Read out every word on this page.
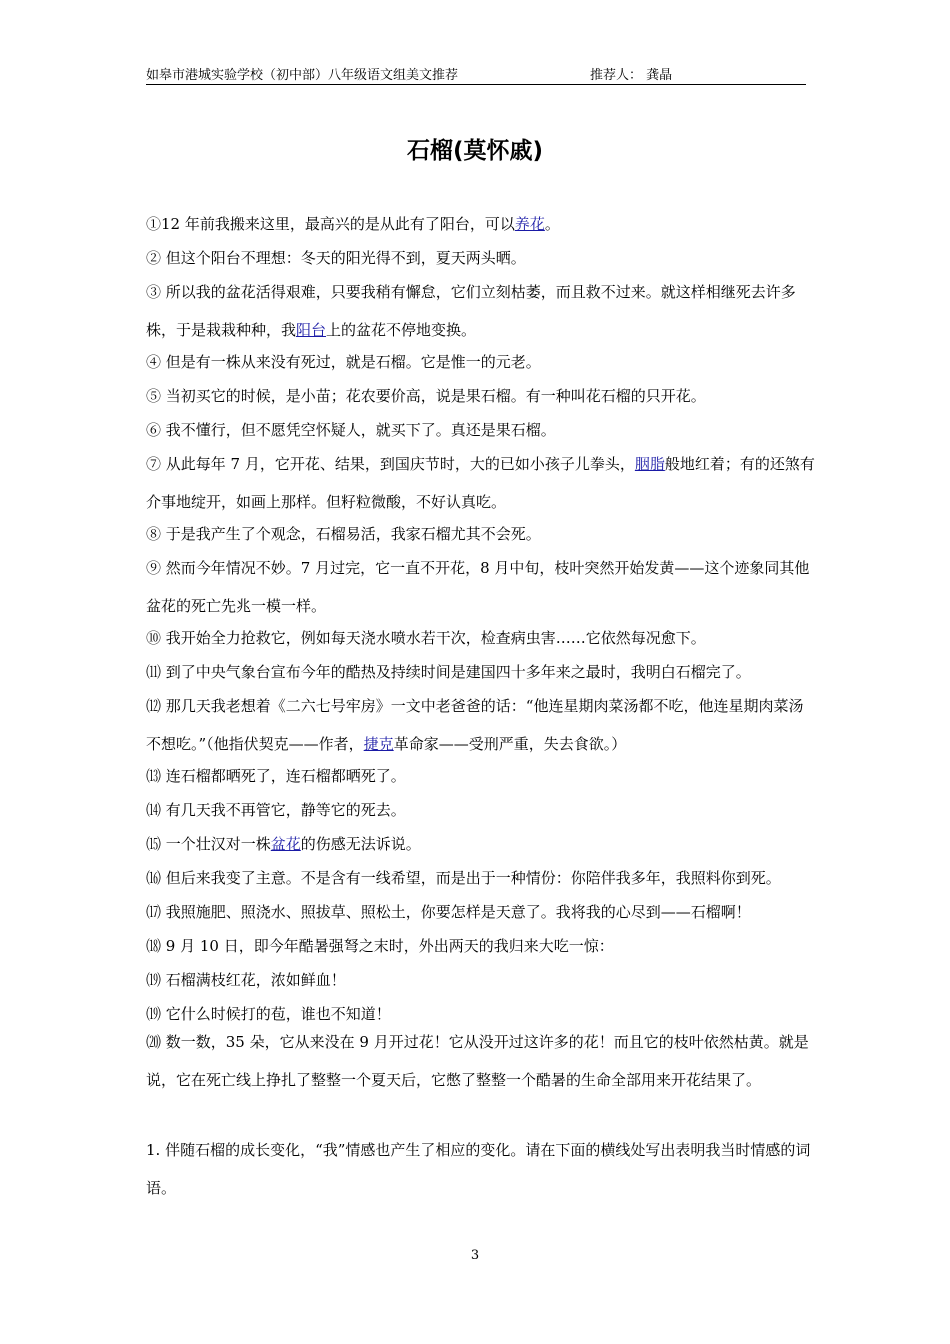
如皋市港城实验学校（初中部）八年级语文组美文推荐	推荐人： 龚晶
石榴(莫怀戚)
①12 年前我搬来这里，最高兴的是从此有了阳台，可以养花。
② 但这个阳台不理想：冬天的阳光得不到，夏天两头晒。
③ 所以我的盆花活得艰难，只要我稍有懈怠，它们立刻枯萎，而且救不过来。就这样相继死去许多株，于是栽栽种种，我阳台上的盆花不停地变换。
④ 但是有一株从来没有死过，就是石榴。它是惟一的元老。
⑤ 当初买它的时候，是小苗；花农要价高，说是果石榴。有一种叫花石榴的只开花。
⑥ 我不懂行，但不愿凭空怀疑人，就买下了。真还是果石榴。
⑦ 从此每年 7 月，它开花、结果，到国庆节时，大的已如小孩子儿拳头，胭脂般地红着；有的还煞有介事地绽开，如画上那样。但籽粒微酸，不好认真吃。
⑧ 于是我产生了个观念，石榴易活，我家石榴尤其不会死。
⑨ 然而今年情况不妙。7 月过完，它一直不开花，8 月中旬，枝叶突然开始发黄——这个迹象同其他盆花的死亡先兆一模一样。
⑩ 我开始全力抢救它，例如每天浇水喷水若干次，检查病虫害……它依然每况愈下。
⑾ 到了中央气象台宣布今年的酷热及持续时间是建国四十多年来之最时，我明白石榴完了。
⑿ 那几天我老想着《二六七号牢房》一文中老爸爸的话：“他连星期肉菜汤都不吃，他连星期肉菜汤不想吃。”（他指伏契克——作者，捷克革命家——受刑严重，失去食欲。）
⒀ 连石榴都晒死了，连石榴都晒死了。
⒁ 有几天我不再管它，静等它的死去。
⒂ 一个壮汉对一株盆花的伤感无法诉说。
⒃ 但后来我变了主意。不是含有一线希望，而是出于一种情份：你陪伴我多年，我照料你到死。
⒄ 我照施肥、照浇水、照拔草、照松土，你要怎样是天意了。我将我的心尽到——石榴啊！
⒅ 9 月 10 日，即今年酷暑强弩之末时，外出两天的我归来大吃一惊：
⒆ 石榴满枝红花，浓如鲜血！
⒆ 它什么时候打的苞，谁也不知道！
⒇ 数一数，35 朵，它从来没在 9 月开过花！它从没开过这许多的花！而且它的枝叶依然枯黄。就是说，它在死亡线上挣扎了整整一个夏天后，它憋了整整一个酷暑的生命全部用来开花结果了。
1. 伴随石榴的成长变化，“我”情感也产生了相应的变化。请在下面的横线处写出表明我当时情感的词语。
3
